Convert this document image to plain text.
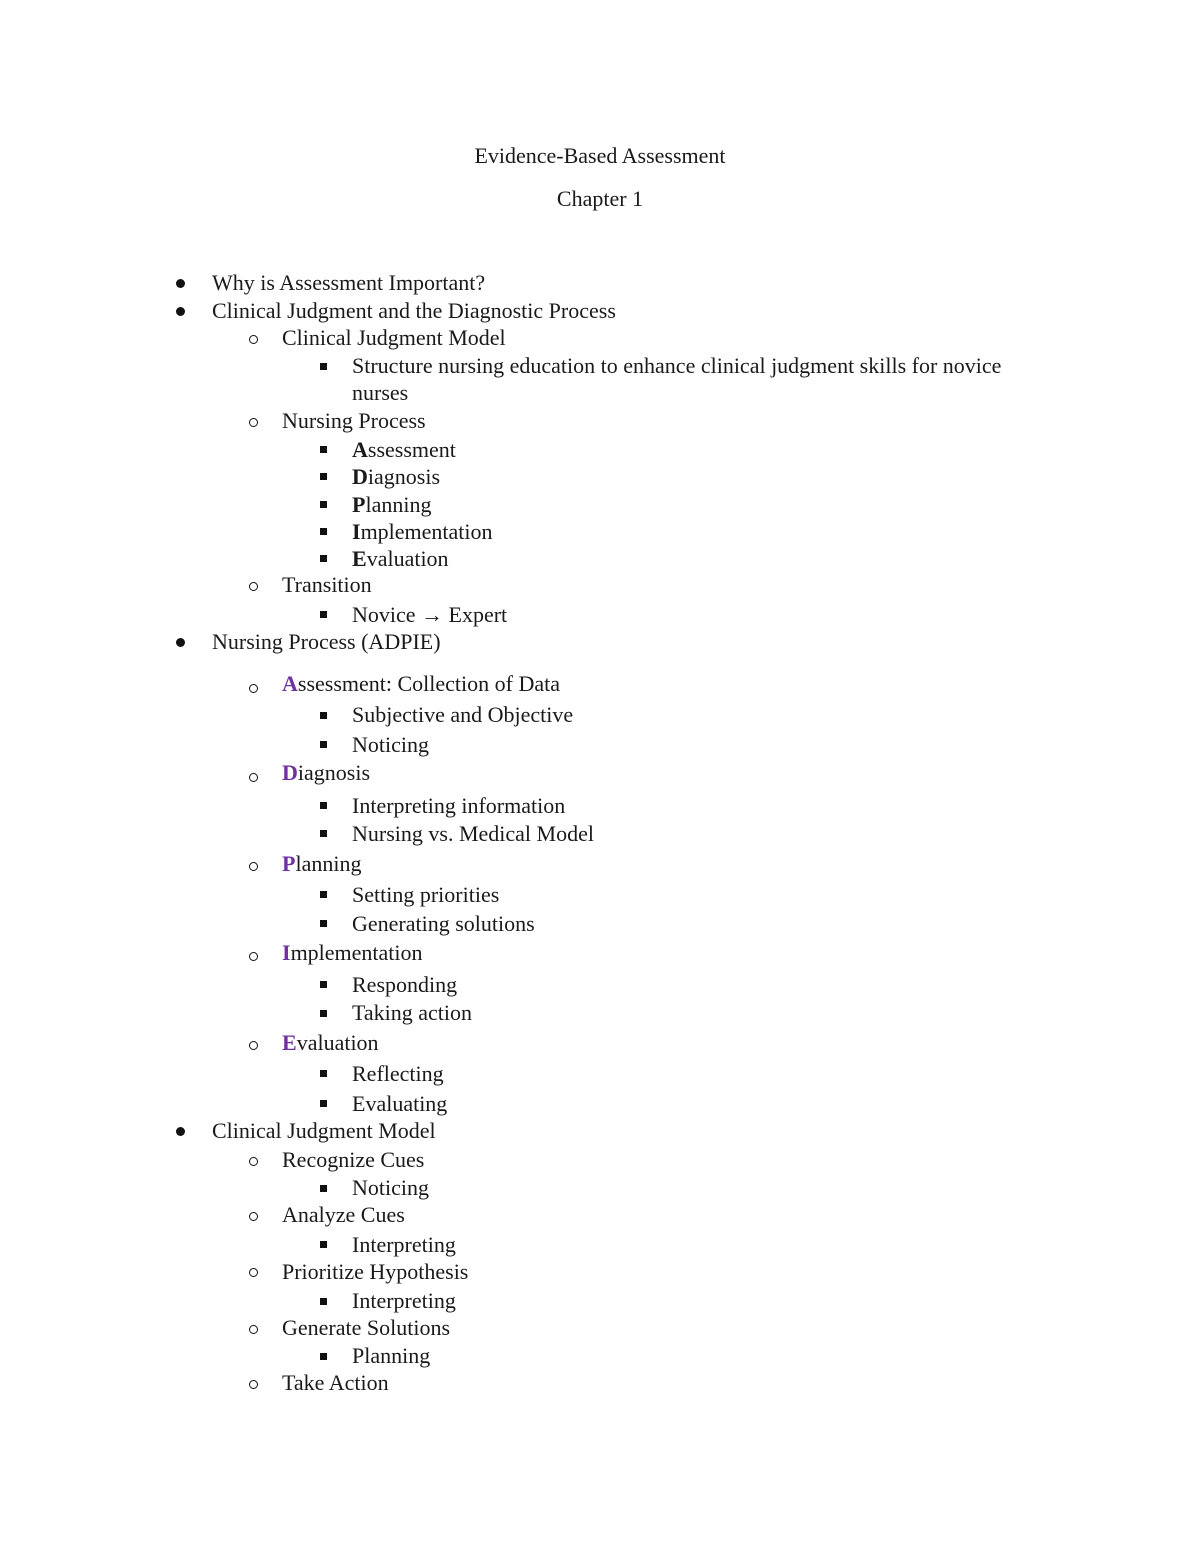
Evidence-Based Assessment
Chapter 1
Why is Assessment Important?
Clinical Judgment and the Diagnostic Process
Clinical Judgment Model
Structure nursing education to enhance clinical judgment skills for novice
nurses
Nursing Process
Assessment
Diagnosis
Planning
Implementation
Evaluation
Transition
Novice → Expert
Nursing Process (ADPIE)
Assessment: Collection of Data
Subjective and Objective
Noticing
Diagnosis
Interpreting information
Nursing vs. Medical Model
Planning
Setting priorities
Generating solutions
Implementation
Responding
Taking action
Evaluation
Reflecting
Evaluating
Clinical Judgment Model
Recognize Cues
Noticing
Analyze Cues
Interpreting
Prioritize Hypothesis
Interpreting
Generate Solutions
Planning
Take Action
